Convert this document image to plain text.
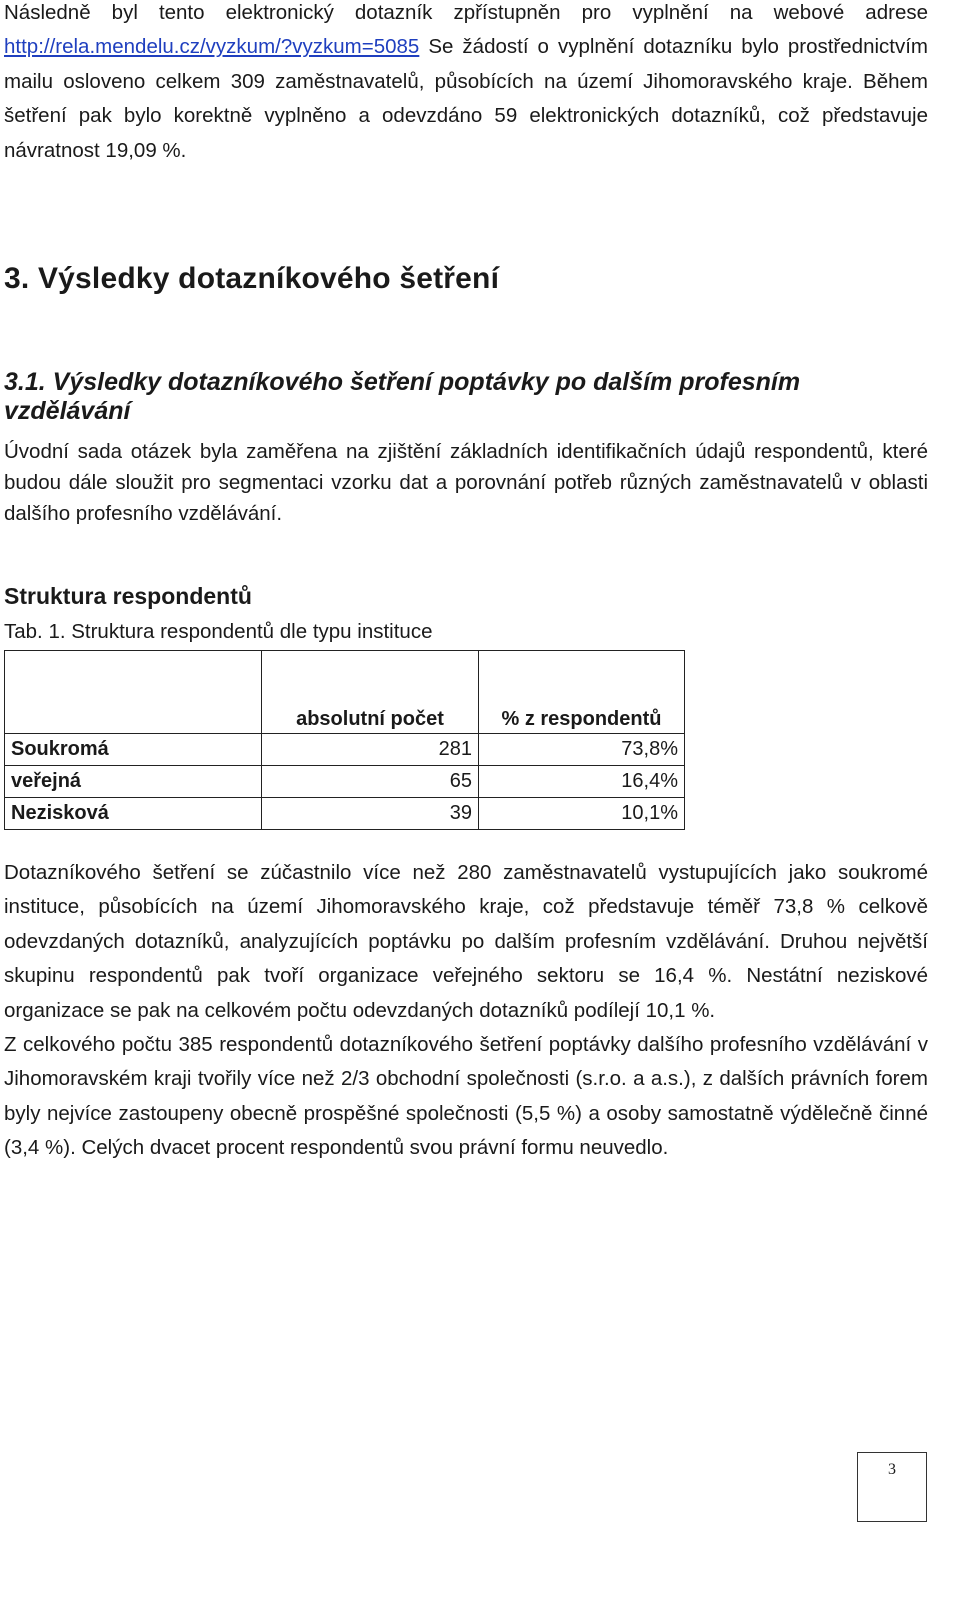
Následně byl tento elektronický dotazník zpřístupněn pro vyplnění na webové adrese http://rela.mendelu.cz/vyzkum/?vyzkum=5085 Se žádostí o vyplnění dotazníku bylo prostřednictvím mailu osloveno celkem 309 zaměstnavatelů, působících na území Jihomoravského kraje. Během šetření pak bylo korektně vyplněno a odevzdáno 59 elektronických dotazníků, což představuje návratnost 19,09 %.

3. Výsledky dotazníkového šetření
3.1. Výsledky dotazníkového šetření poptávky po dalším profesním vzdělávání

Úvodní sada otázek byla zaměřena na zjištění základních identifikačních údajů respondentů, které budou dále sloužit pro segmentaci vzorku dat a porovnání potřeb různých zaměstnavatelů v oblasti dalšího profesního vzdělávání.

Struktura respondentů

Tab. 1. Struktura respondentů dle typu instituce

	absolutní počet	% z respondentů
Soukromá	281	73,8%
veřejná	65	16,4%
Nezisková	39	10,1%

Dotazníkového šetření se zúčastnilo více než 280 zaměstnavatelů vystupujících jako soukromé instituce, působících na území Jihomoravského kraje, což představuje téměř 73,8 % celkově odevzdaných dotazníků, analyzujících poptávku po dalším profesním vzdělávání. Druhou největší skupinu respondentů pak tvoří organizace veřejného sektoru se 16,4 %. Nestátní neziskové organizace se pak na celkovém počtu odevzdaných dotazníků podílejí 10,1 %.

Z celkového počtu 385 respondentů dotazníkového šetření poptávky dalšího profesního vzdělávání v Jihomoravském kraji tvořily více než 2/3 obchodní společnosti (s.r.o. a a.s.), z dalších právních forem byly nejvíce zastoupeny obecně prospěšné společnosti (5,5 %) a osoby samostatně výdělečně činné (3,4 %). Celých dvacet procent respondentů svou právní formu neuvedlo.

3
